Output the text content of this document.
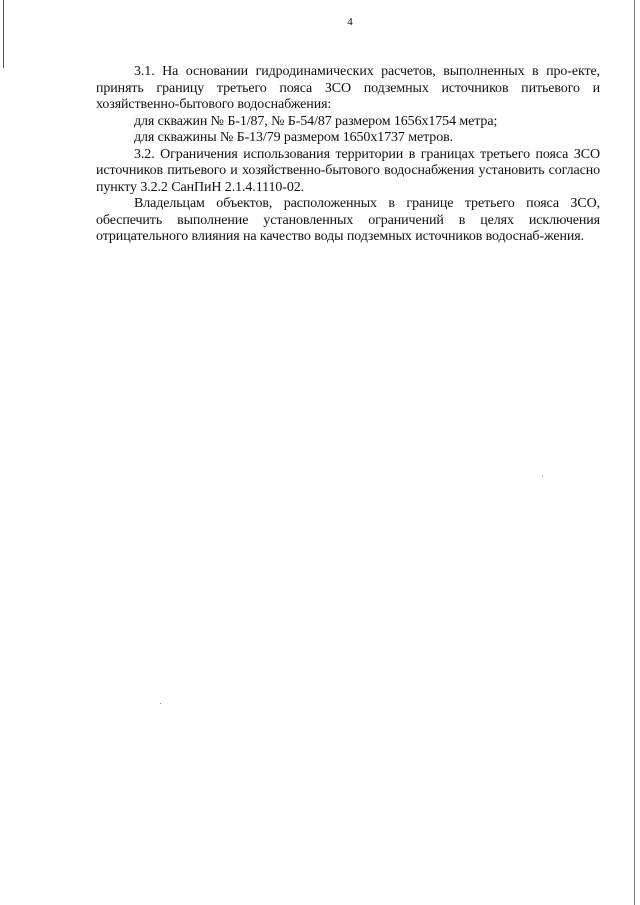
4

3.1. На основании гидродинамических расчетов, выполненных в про-екте, принять границу третьего пояса ЗСО подземных источников питьевого и хозяйственно-бытового водоснабжения:

для скважин № Б-1/87, № Б-54/87 размером 1656х1754 метра;

для скважины № Б-13/79 размером 1650х1737 метров.

3.2. Ограничения использования территории в границах третьего пояса ЗСО источников питьевого и хозяйственно-бытового водоснабжения установить согласно пункту 3.2.2 СанПиН 2.1.4.1110-02.

Владельцам объектов, расположенных в границе третьего пояса ЗСО, обеспечить выполнение установленных ограничений в целях исключения отрицательного влияния на качество воды подземных источников водоснаб-жения.
